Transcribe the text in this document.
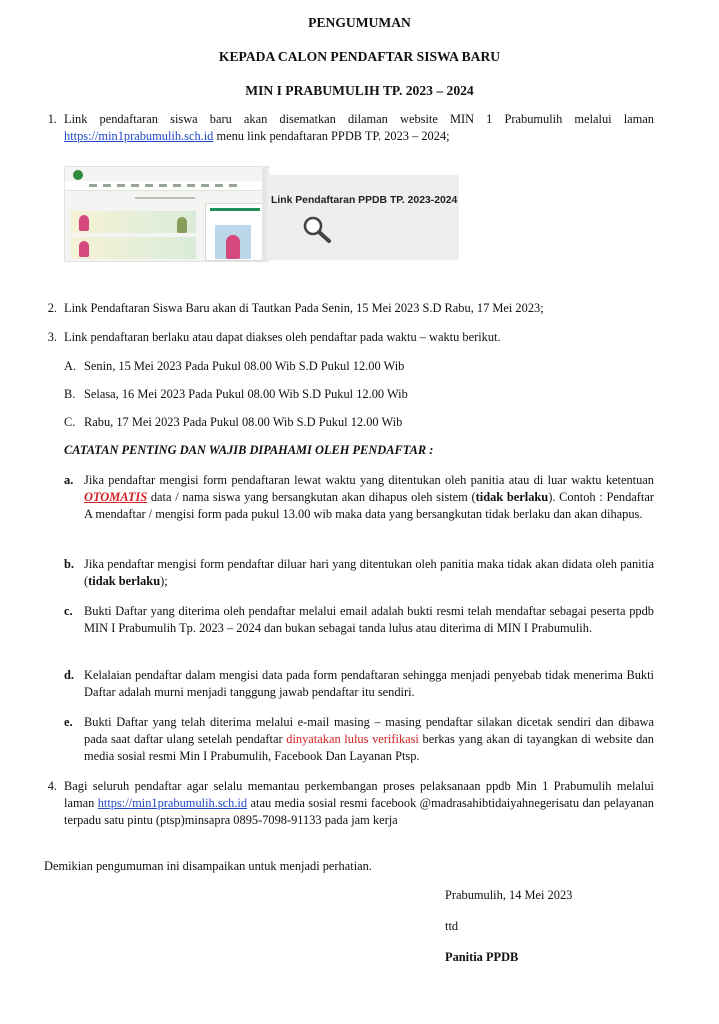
PENGUMUMAN
KEPADA CALON PENDAFTAR SISWA BARU
MIN I PRABUMULIH TP. 2023 – 2024
1. Link pendaftaran siswa baru akan disematkan dilaman website MIN 1 Prabumulih melalui laman https://min1prabumulih.sch.id menu link pendaftaran PPDB TP. 2023 – 2024;
Link Pendaftaran PPDB TP. 2023-2024
2. Link Pendaftaran Siswa Baru akan di Tautkan Pada Senin, 15 Mei 2023 S.D Rabu, 17 Mei 2023;
3. Link pendaftaran berlaku atau dapat diakses oleh pendaftar pada waktu – waktu berikut.
A. Senin, 15 Mei 2023 Pada Pukul 08.00 Wib S.D Pukul 12.00 Wib
B. Selasa, 16 Mei 2023 Pada Pukul 08.00 Wib S.D Pukul 12.00 Wib
C. Rabu, 17 Mei 2023 Pada Pukul 08.00 Wib S.D Pukul 12.00 Wib
CATATAN PENTING DAN WAJIB DIPAHAMI OLEH PENDAFTAR :
a. Jika pendaftar mengisi form pendaftaran lewat waktu yang ditentukan oleh panitia atau di luar waktu ketentuan OTOMATIS data / nama siswa yang bersangkutan akan dihapus oleh sistem (tidak berlaku). Contoh : Pendaftar A mendaftar / mengisi form pada pukul 13.00 wib maka data yang bersangkutan tidak berlaku dan akan dihapus.
b. Jika pendaftar mengisi form pendaftar diluar hari yang ditentukan oleh panitia maka tidak akan didata oleh panitia (tidak berlaku);
c. Bukti Daftar yang diterima oleh pendaftar melalui email adalah bukti resmi telah mendaftar sebagai peserta ppdb MIN I Prabumulih Tp. 2023 – 2024 dan bukan sebagai tanda lulus atau diterima di MIN I Prabumulih.
d. Kelalaian pendaftar dalam mengisi data pada form pendaftaran sehingga menjadi penyebab tidak menerima Bukti Daftar adalah murni menjadi tanggung jawab pendaftar itu sendiri.
e. Bukti Daftar yang telah diterima melalui e-mail masing – masing pendaftar silakan dicetak sendiri dan dibawa pada saat daftar ulang setelah pendaftar dinyatakan lulus verifikasi berkas yang akan di tayangkan di website dan media sosial resmi Min I Prabumulih, Facebook Dan Layanan Ptsp.
4. Bagi seluruh pendaftar agar selalu memantau perkembangan proses pelaksanaan ppdb Min 1 Prabumulih melalui laman https://min1prabumulih.sch.id atau media sosial resmi facebook @madrasahibtidaiyahnegerisatu dan pelayanan terpadu satu pintu (ptsp)minsapra 0895-7098-91133 pada jam kerja
Demikian pengumuman ini disampaikan untuk menjadi perhatian.
Prabumulih, 14 Mei 2023
ttd
Panitia PPDB
